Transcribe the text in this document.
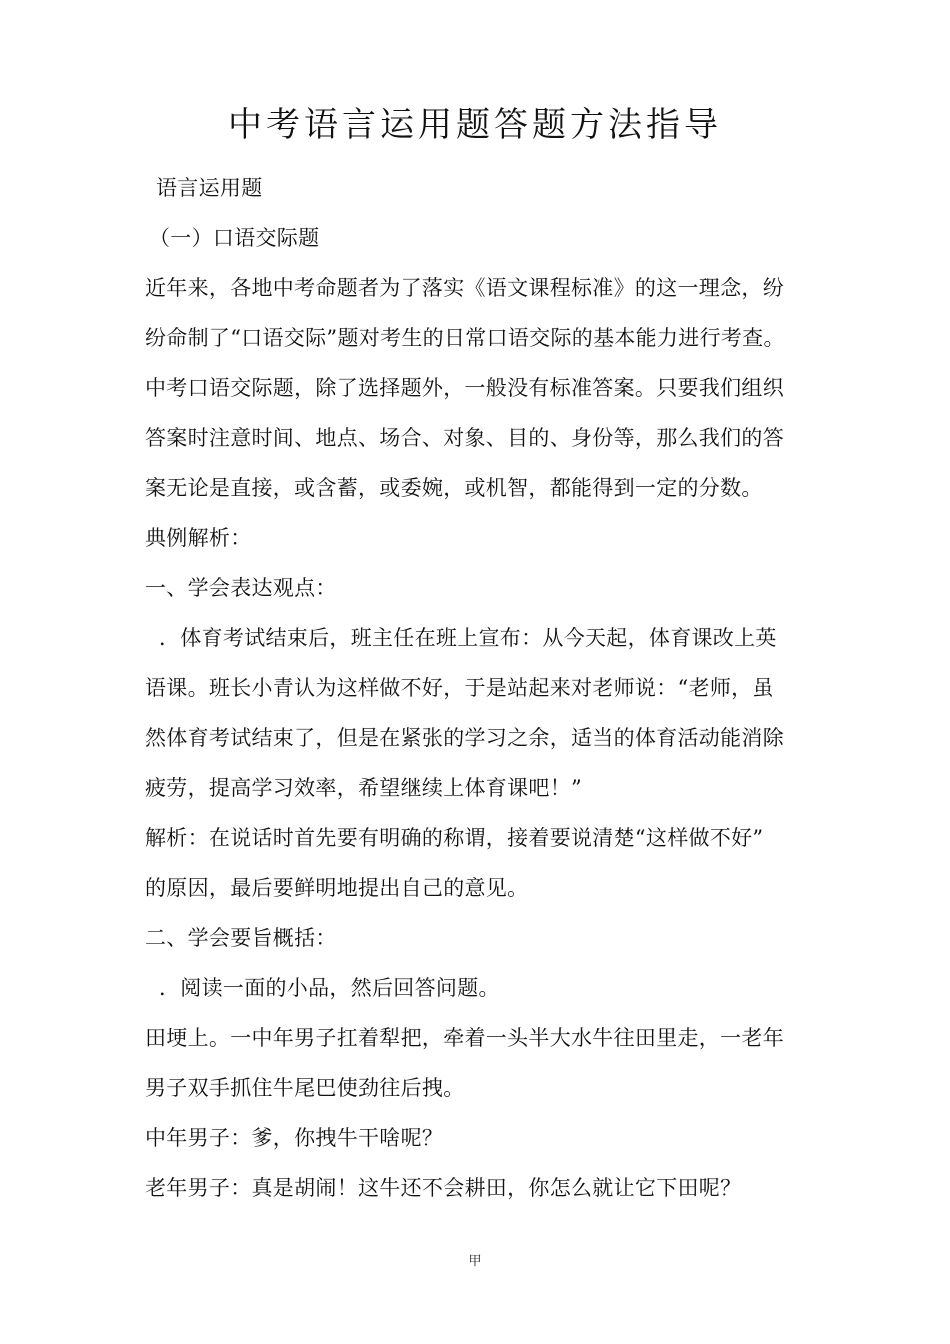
中考语言运用题答题方法指导
语言运用题
（一）口语交际题
近年来，各地中考命题者为了落实《语文课程标准》的这一理念，纷
纷命制了“口语交际”题对考生的日常口语交际的基本能力进行考查。
中考口语交际题，除了选择题外，一般没有标准答案。只要我们组织
答案时注意时间、地点、场合、对象、目的、身份等，那么我们的答
案无论是直接，或含蓄，或委婉，或机智，都能得到一定的分数。
典例解析：
一、学会表达观点：
．体育考试结束后，班主任在班上宣布：从今天起，体育课改上英
语课。班长小青认为这样做不好，于是站起来对老师说：“老师，虽
然体育考试结束了，但是在紧张的学习之余，适当的体育活动能消除
疲劳，提高学习效率，希望继续上体育课吧！”
解析：在说话时首先要有明确的称谓，接着要说清楚“这样做不好”
的原因，最后要鲜明地提出自己的意见。
二、学会要旨概括：
．阅读一面的小品，然后回答问题。
田埂上。一中年男子扛着犁把，牵着一头半大水牛往田里走，一老年
男子双手抓住牛尾巴使劲往后拽。
中年男子：爹，你拽牛干啥呢？
老年男子：真是胡闹！这牛还不会耕田，你怎么就让它下田呢？
甲
